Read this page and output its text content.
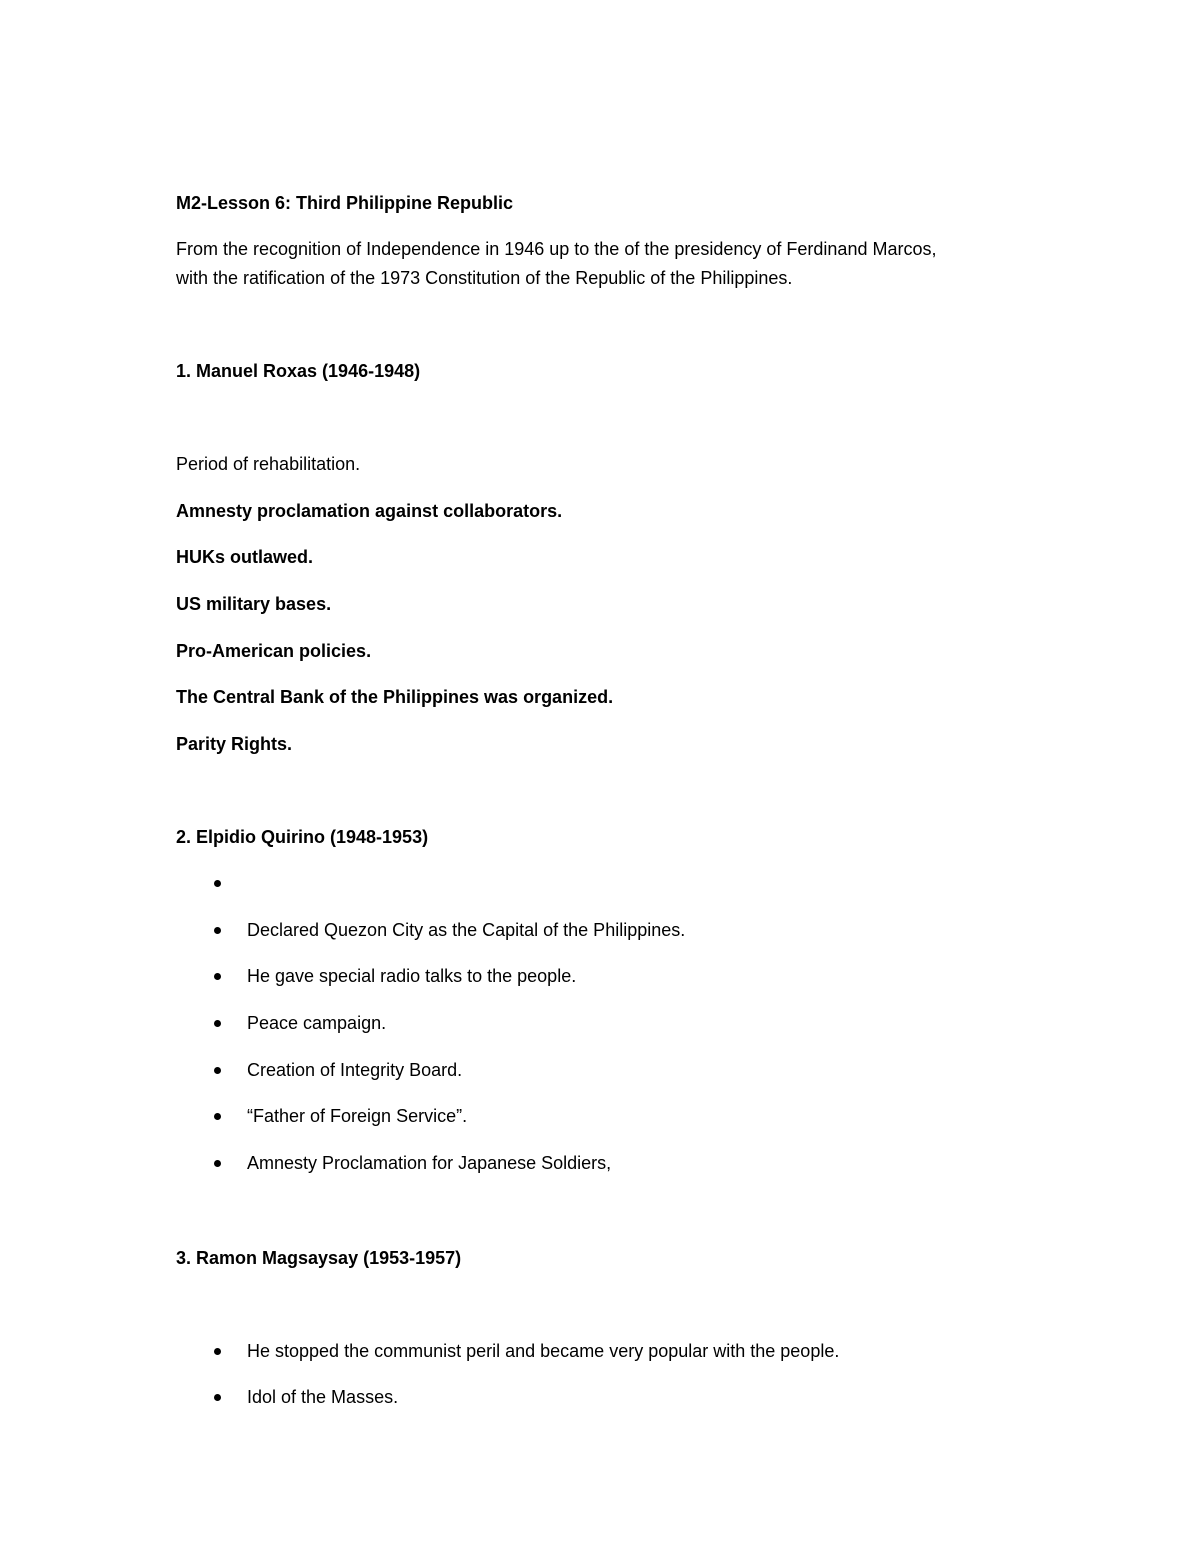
M2-Lesson 6: Third Philippine Republic
From the recognition of Independence in 1946 up to the of the presidency of Ferdinand Marcos,
with the ratification of the 1973 Constitution of the Republic of the Philippines.
1. Manuel Roxas (1946-1948)
Period of rehabilitation.
Amnesty proclamation against collaborators.
HUKs outlawed.
US military bases.
Pro-American policies.
The Central Bank of the Philippines was organized.
Parity Rights.
2. Elpidio Quirino (1948-1953)
Declared Quezon City as the Capital of the Philippines.
He gave special radio talks to the people.
Peace campaign.
Creation of Integrity Board.
“Father of Foreign Service”.
Amnesty Proclamation for Japanese Soldiers,
3. Ramon Magsaysay (1953-1957)
He stopped the communist peril and became very popular with the people.
Idol of the Masses.
